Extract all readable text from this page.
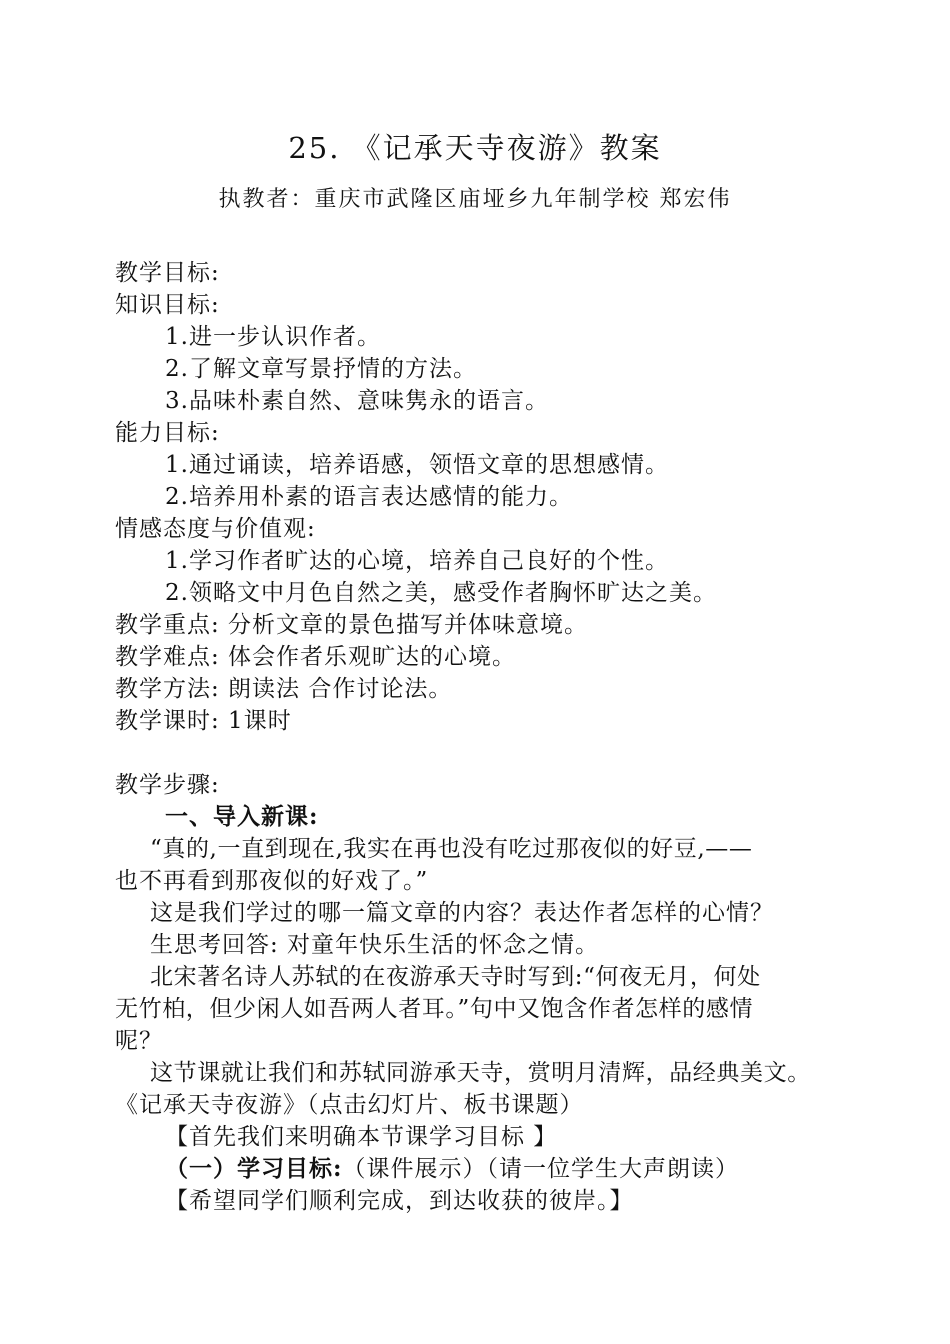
25. 《记承天寺夜游》教案
执教者：重庆市武隆区庙垭乡九年制学校 郑宏伟
教学目标:
知识目标:
1.进一步认识作者。
2.了解文章写景抒情的方法。
3.品味朴素自然、意味隽永的语言。
能力目标:
1.通过诵读，培养语感，领悟文章的思想感情。
2.培养用朴素的语言表达感情的能力。
情感态度与价值观:
1.学习作者旷达的心境，培养自己良好的个性。
2.领略文中月色自然之美，感受作者胸怀旷达之美。
教学重点: 分析文章的景色描写并体味意境。
教学难点: 体会作者乐观旷达的心境。
教学方法: 朗读法 合作讨论法。
教学课时: 1课时
教学步骤:
一、导入新课:
“真的,一直到现在,我实在再也没有吃过那夜似的好豆,——
也不再看到那夜似的好戏了。”
这是我们学过的哪一篇文章的内容？表达作者怎样的心情？
生思考回答: 对童年快乐生活的怀念之情。
北宋著名诗人苏轼的在夜游承天寺时写到:“何夜无月，何处
无竹柏，但少闲人如吾两人者耳。”句中又饱含作者怎样的感情
呢？
这节课就让我们和苏轼同游承天寺，赏明月清辉，品经典美文。
《记承天寺夜游》（点击幻灯片、板书课题）
【首先我们来明确本节课学习目标 】
（一）学习目标:（课件展示）（请一位学生大声朗读）
【希望同学们顺利完成，到达收获的彼岸。】
